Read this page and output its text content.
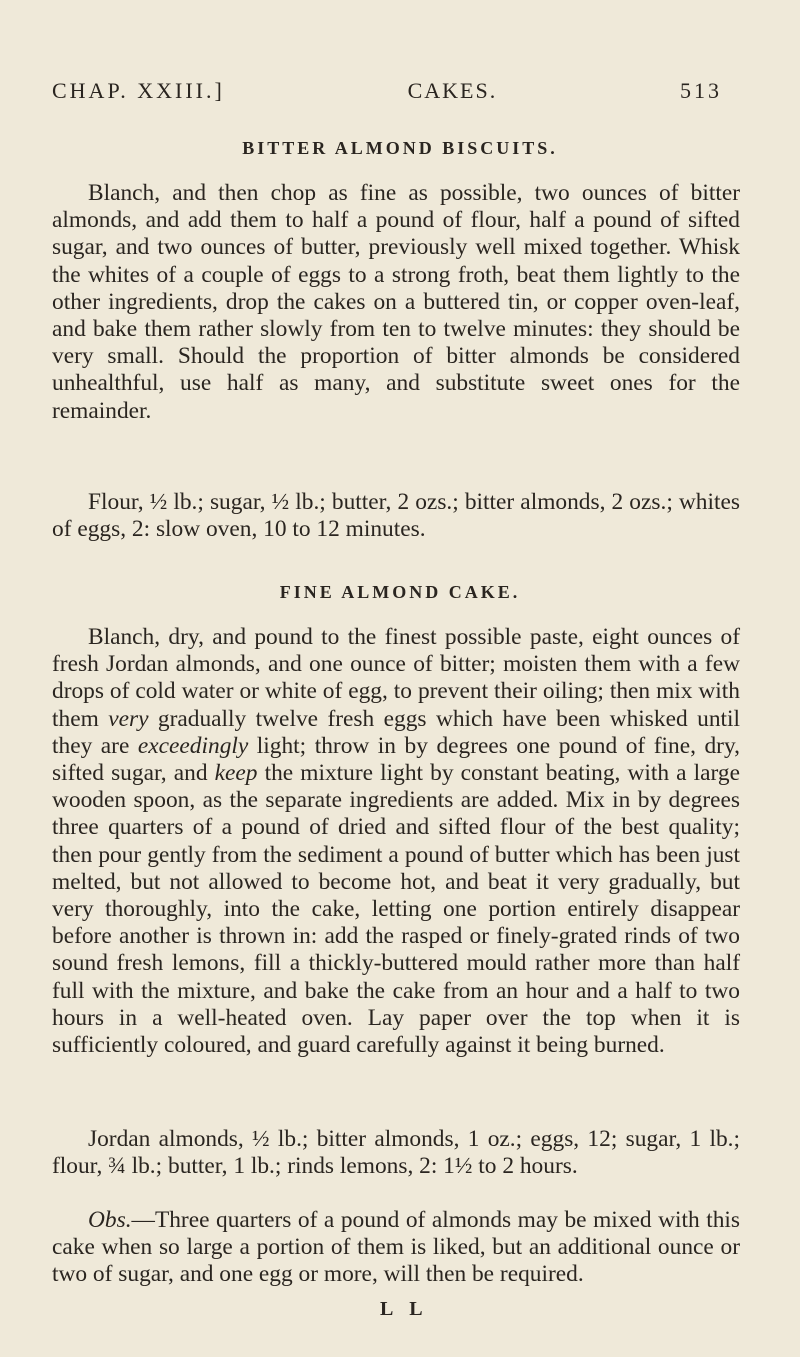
CHAP. XXIII.]	CAKES.	513
BITTER ALMOND BISCUITS.

Blanch, and then chop as fine as possible, two ounces of bitter almonds, and add them to half a pound of flour, half a pound of sifted sugar, and two ounces of butter, previously well mixed together. Whisk the whites of a couple of eggs to a strong froth, beat them lightly to the other ingredients, drop the cakes on a buttered tin, or copper oven-leaf, and bake them rather slowly from ten to twelve minutes: they should be very small. Should the proportion of bitter almonds be considered unhealthful, use half as many, and substitute sweet ones for the remainder.

Flour, ½ lb.; sugar, ½ lb.; butter, 2 ozs.; bitter almonds, 2 ozs.; whites of eggs, 2: slow oven, 10 to 12 minutes.

FINE ALMOND CAKE.

Blanch, dry, and pound to the finest possible paste, eight ounces of fresh Jordan almonds, and one ounce of bitter; moisten them with a few drops of cold water or white of egg, to prevent their oiling; then mix with them very gradually twelve fresh eggs which have been whisked until they are exceedingly light; throw in by degrees one pound of fine, dry, sifted sugar, and keep the mixture light by constant beating, with a large wooden spoon, as the separate ingredients are added. Mix in by degrees three quarters of a pound of dried and sifted flour of the best quality; then pour gently from the sediment a pound of butter which has been just melted, but not allowed to become hot, and beat it very gradually, but very thoroughly, into the cake, letting one portion entirely disappear before another is thrown in: add the rasped or finely-grated rinds of two sound fresh lemons, fill a thickly-buttered mould rather more than half full with the mixture, and bake the cake from an hour and a half to two hours in a well-heated oven. Lay paper over the top when it is sufficiently coloured, and guard carefully against it being burned.

Jordan almonds, ½ lb.; bitter almonds, 1 oz.; eggs, 12; sugar, 1 lb.; flour, ¾ lb.; butter, 1 lb.; rinds lemons, 2: 1½ to 2 hours.

Obs.—Three quarters of a pound of almonds may be mixed with this cake when so large a portion of them is liked, but an additional ounce or two of sugar, and one egg or more, will then be required.

L L
